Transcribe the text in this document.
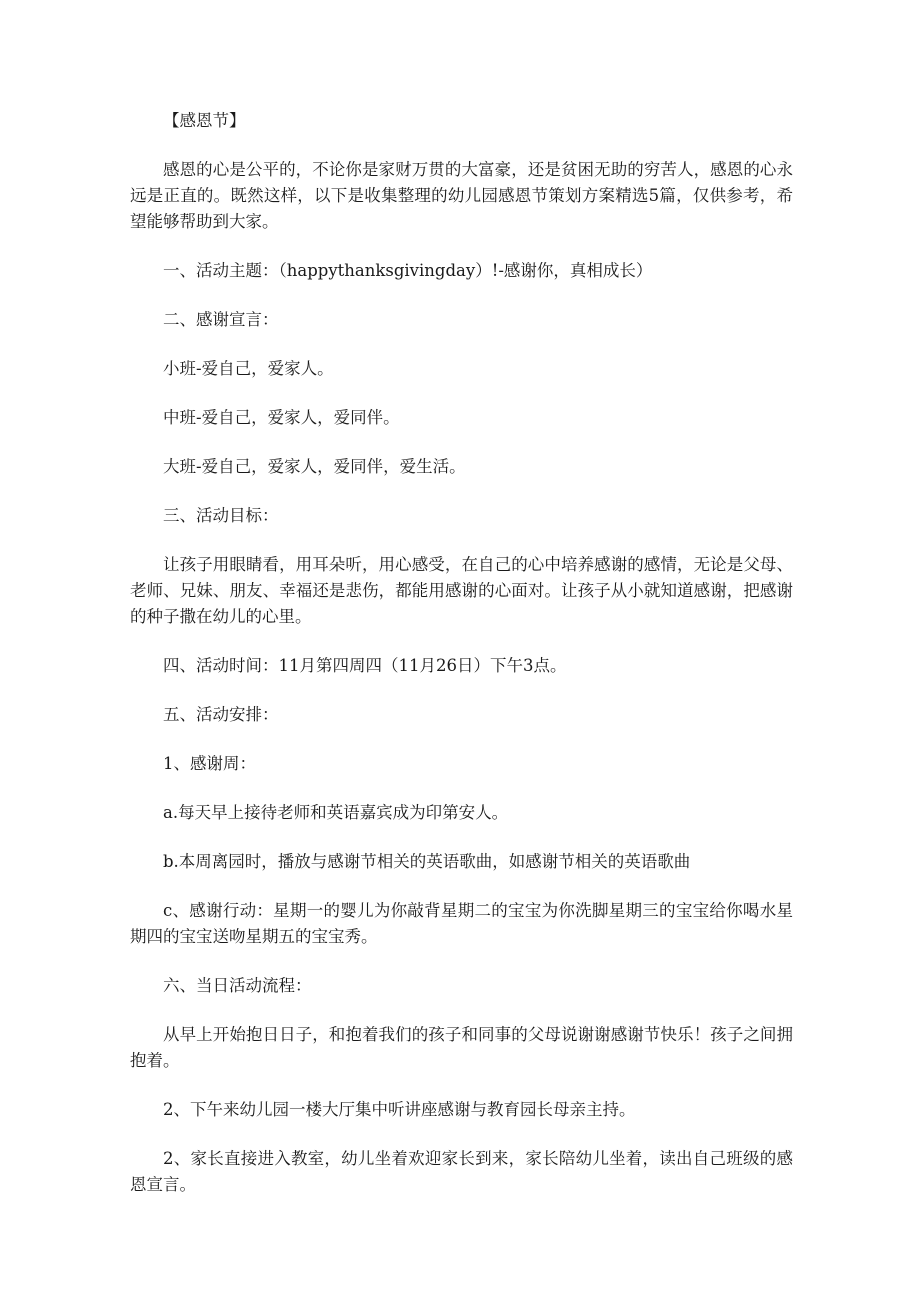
【感恩节】

感恩的心是公平的，不论你是家财万贯的大富豪，还是贫困无助的穷苦人，感恩的心永远是正直的。既然这样，以下是收集整理的幼儿园感恩节策划方案精选5篇，仅供参考，希望能够帮助到大家。

一、活动主题：（happythanksgivingday）!-感谢你，真相成长）

二、感谢宣言：

小班-爱自己，爱家人。

中班-爱自己，爱家人，爱同伴。

大班-爱自己，爱家人，爱同伴，爱生活。

三、活动目标：

让孩子用眼睛看，用耳朵听，用心感受，在自己的心中培养感谢的感情，无论是父母、老师、兄妹、朋友、幸福还是悲伤，都能用感谢的心面对。让孩子从小就知道感谢，把感谢的种子撒在幼儿的心里。

四、活动时间：11月第四周四（11月26日）下午3点。

五、活动安排：

1、感谢周：

a.每天早上接待老师和英语嘉宾成为印第安人。

b.本周离园时，播放与感谢节相关的英语歌曲，如感谢节相关的英语歌曲

c、感谢行动：星期一的婴儿为你敲背星期二的宝宝为你洗脚星期三的宝宝给你喝水星期四的宝宝送吻星期五的宝宝秀。

六、当日活动流程：

从早上开始抱日日子，和抱着我们的孩子和同事的父母说谢谢感谢节快乐！孩子之间拥抱着。

2、下午来幼儿园一楼大厅集中听讲座感谢与教育园长母亲主持。

2、家长直接进入教室，幼儿坐着欢迎家长到来，家长陪幼儿坐着，读出自己班级的感恩宣言。
